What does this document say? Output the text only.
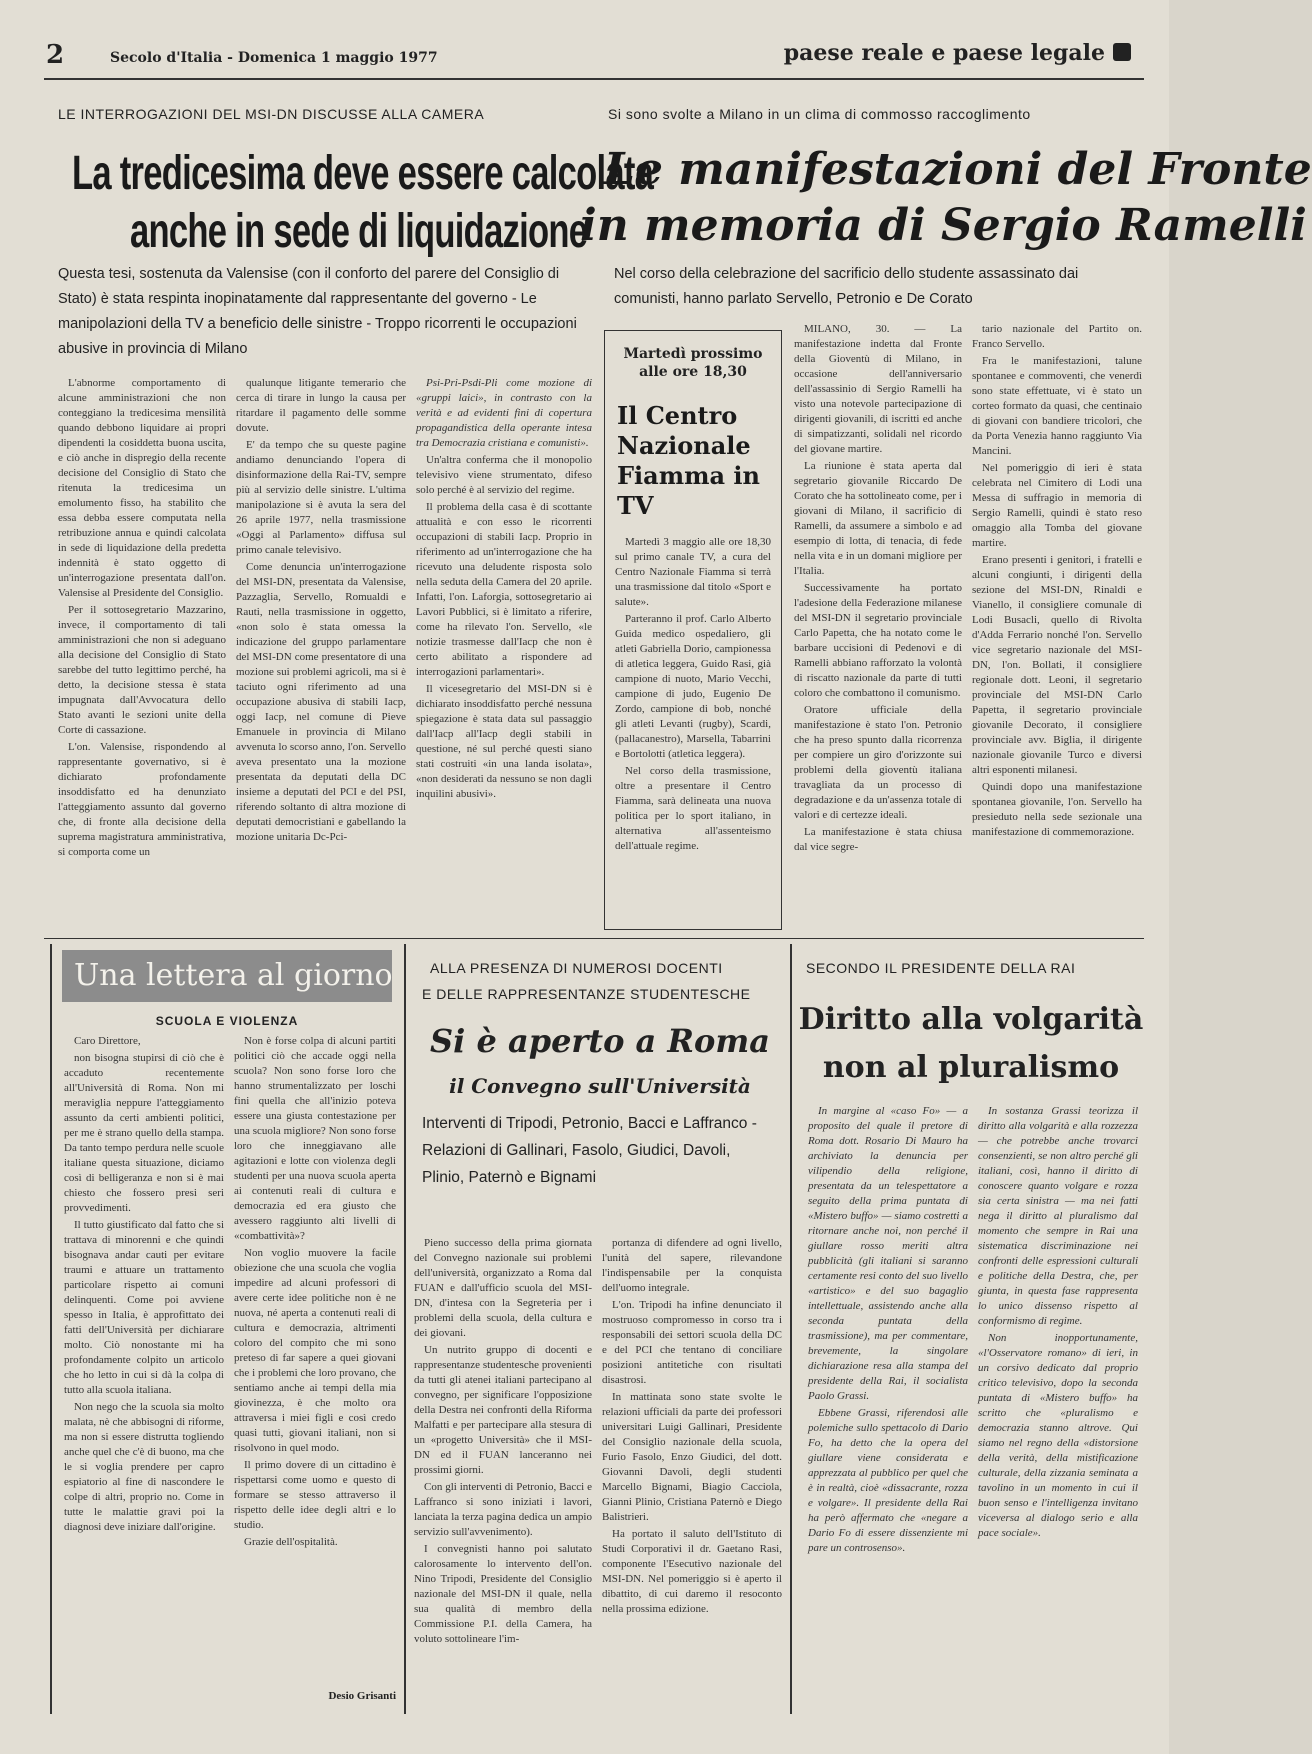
2	Secolo d'Italia - Domenica 1 maggio 1977	paese reale e paese legale
LE INTERROGAZIONI DEL MSI-DN DISCUSSE ALLA CAMERA
La tredicesima deve essere calcolata
anche in sede di liquidazione
Questa tesi, sostenuta da Valensise (con il conforto del parere del Consiglio di Stato) è stata respinta inopinatamente dal rappresentante del governo - Le manipolazioni della TV a beneficio delle sinistre - Troppo ricorrenti le occupazioni abusive in provincia di Milano

L'abnorme comportamento di alcune amministrazioni che non conteggiano la tredicesima mensilità quando debbono liquidare ai propri dipendenti la cosiddetta buona uscita, e ciò anche in dispregio della recente decisione del Consiglio di Stato che ritenuta la tredicesima un emolumento fisso, ha stabilito che essa debba essere computata nella retribuzione annua e quindi calcolata in sede di liquidazione della predetta indennità è stato oggetto di un'interrogazione presentata dall'on. Valensise al Presidente del Consiglio.

Per il sottosegretario Mazzarino, invece, il comportamento di tali amministrazioni che non si adeguano alla decisione del Consiglio di Stato sarebbe del tutto legittimo perché, ha detto, la decisione stessa è stata impugnata dall'Avvocatura dello Stato avanti le sezioni unite della Corte di cassazione.

L'on. Valensise, rispondendo al rappresentante governativo, si è dichiarato profondamente insoddisfatto ed ha denunziato l'atteggiamento assunto dal governo che, di fronte alla decisione della suprema magistratura amministrativa, si comporta come un

qualunque litigante temerario che cerca di tirare in lungo la causa per ritardare il pagamento delle somme dovute.

E' da tempo che su queste pagine andiamo denunciando l'opera di disinformazione della Rai-TV, sempre più al servizio delle sinistre. L'ultima manipolazione si è avuta la sera del 26 aprile 1977, nella trasmissione «Oggi al Parlamento» diffusa sul primo canale televisivo.

Come denuncia un'interrogazione del MSI-DN, presentata da Valensise, Pazzaglia, Servello, Romualdi e Rauti, nella trasmissione in oggetto, «non solo è stata omessa la indicazione del gruppo parlamentare del MSI-DN come presentatore di una mozione sui problemi agricoli, ma si è taciuto ogni riferimento ad una occupazione abusiva di stabili Iacp, oggi Iacp, nel comune di Pieve Emanuele in provincia di Milano avvenuta lo scorso anno, l'on. Servello aveva presentato una la mozione presentata da deputati della DC insieme a deputati del PCI e del PSI, riferendo soltanto di altra mozione di deputati democristiani e gabellando la mozione unitaria Dc-Pci-

Psi-Pri-Psdi-Pli come mozione di «gruppi laici», in contrasto con la verità e ad evidenti fini di copertura propagandistica della operante intesa tra Democrazia cristiana e comunisti».

Un'altra conferma che il monopolio televisivo viene strumentato, difeso solo perché è al servizio del regime.

Il problema della casa è di scottante attualità e con esso le ricorrenti occupazioni di stabili Iacp. Proprio in riferimento ad un'interrogazione che ha ricevuto una deludente risposta solo nella seduta della Camera del 20 aprile. Infatti, l'on. Laforgia, sottosegretario ai Lavori Pubblici, si è limitato a riferire, come ha rilevato l'on. Servello, «le notizie trasmesse dall'Iacp che non è certo abilitato a rispondere ad interrogazioni parlamentari».

Il vicesegretario del MSI-DN si è dichiarato insoddisfatto perché nessuna spiegazione è stata data sul passaggio dall'Iacp all'Iacp degli stabili in questione, né sul perché questi siano stati costruiti «in una landa isolata», «non desiderati da nessuno se non dagli inquilini abusivi».

Martedì prossimo alle ore 18,30
Il Centro Nazionale Fiamma in TV

Martedì 3 maggio alle ore 18,30 sul primo canale TV, a cura del Centro Nazionale Fiamma si terrà una trasmissione dal titolo «Sport e salute».

Parteranno il prof. Carlo Alberto Guida medico ospedaliero, gli atleti Gabriella Dorio, campionessa di atletica leggera, Guido Rasi, già campione di nuoto, Mario Vecchi, campione di judo, Eugenio De Zordo, campione di bob, nonché gli atleti Levanti (rugby), Scardi, (pallacanestro), Marsella, Tabarrini e Bortolotti (atletica leggera).

Nel corso della trasmissione, oltre a presentare il Centro Fiamma, sarà delineata una nuova politica per lo sport italiano, in alternativa all'assenteismo dell'attuale regime.

Si sono svolte a Milano in un clima di commosso raccoglimento
Le manifestazioni del Fronte
in memoria di Sergio Ramelli
Nel corso della celebrazione del sacrificio dello studente assassinato dai comunisti, hanno parlato Servello, Petronio e De Corato

MILANO, 30. — La manifestazione indetta dal Fronte della Gioventù di Milano, in occasione dell'anniversario dell'assassinio di Sergio Ramelli ha visto una notevole partecipazione di dirigenti giovanili, di iscritti ed anche di simpatizzanti, solidali nel ricordo del giovane martire.

La riunione è stata aperta dal segretario giovanile Riccardo De Corato che ha sottolineato come, per i giovani di Milano, il sacrificio di Ramelli, da assumere a simbolo e ad esempio di lotta, di tenacia, di fede nella vita e in un domani migliore per l'Italia.

Successivamente ha portato l'adesione della Federazione milanese del MSI-DN il segretario provinciale Carlo Papetta, che ha notato come le barbare uccisioni di Pedenovi e di Ramelli abbiano rafforzato la volontà di riscatto nazionale da parte di tutti coloro che combattono il comunismo.

Oratore ufficiale della manifestazione è stato l'on. Petronio che ha preso spunto dalla ricorrenza per compiere un giro d'orizzonte sui problemi della gioventù italiana travagliata da un processo di degradazione e da un'assenza totale di valori e di certezze ideali.

La manifestazione è stata chiusa dal vice segre-

tario nazionale del Partito on. Franco Servello.

Fra le manifestazioni, talune spontanee e commoventi, che venerdì sono state effettuate, vi è stato un corteo formato da quasi, che centinaio di giovani con bandiere tricolori, che da Porta Venezia hanno raggiunto Via Mancini.

Nel pomeriggio di ieri è stata celebrata nel Cimitero di Lodi una Messa di suffragio in memoria di Sergio Ramelli, quindi è stato reso omaggio alla Tomba del giovane martire.

Erano presenti i genitori, i fratelli e alcuni congiunti, i dirigenti della sezione del MSI-DN, Rinaldi e Vianello, il consigliere comunale di Lodi Busacli, quello di Rivolta d'Adda Ferrario nonché l'on. Servello vice segretario nazionale del MSI-DN, l'on. Bollati, il consigliere regionale dott. Leoni, il segretario provinciale del MSI-DN Carlo Papetta, il segretario provinciale giovanile Decorato, il consigliere provinciale avv. Biglia, il dirigente nazionale giovanile Turco e diversi altri esponenti milanesi.

Quindi dopo una manifestazione spontanea giovanile, l'on. Servello ha presieduto nella sede sezionale una manifestazione di commemorazione.

Una lettera al giorno
SCUOLA E VIOLENZA

Caro Direttore,

non bisogna stupirsi di ciò che è accaduto recentemente all'Università di Roma. Non mi meraviglia neppure l'atteggiamento assunto da certi ambienti politici, per me è strano quello della stampa. Da tanto tempo perdura nelle scuole italiane questa situazione, diciamo così di belligeranza e non si è mai chiesto che fossero presi seri provvedimenti.

Il tutto giustificato dal fatto che si trattava di minorenni e che quindi bisognava andar cauti per evitare traumi e attuare un trattamento particolare rispetto ai comuni delinquenti. Come poi avviene spesso in Italia, è approfittato dei fatti dell'Università per dichiarare molto. Ciò nonostante mi ha profondamente colpito un articolo che ho letto in cui si dà la colpa di tutto alla scuola italiana.

Non nego che la scuola sia molto malata, nè che abbisogni di riforme, ma non si essere distrutta togliendo anche quel che c'è di buono, ma che le si voglia prendere per capro espiatorio al fine di nascondere le colpe di altri, proprio no. Come in tutte le malattie gravi poi la diagnosi deve iniziare dall'origine.

Non è forse colpa di alcuni partiti politici ciò che accade oggi nella scuola? Non sono forse loro che hanno strumentalizzato per loschi fini quella che all'inizio poteva essere una giusta contestazione per una scuola migliore? Non sono forse loro che inneggiavano alle agitazioni e lotte con violenza degli studenti per una nuova scuola aperta ai contenuti reali di cultura e democrazia ed era giusto che avessero raggiunto alti livelli di «combattività»?

Non voglio muovere la facile obiezione che una scuola che voglia impedire ad alcuni professori di avere certe idee politiche non è ne nuova, né aperta a contenuti reali di cultura e democrazia, altrimenti coloro del compito che mi sono preteso di far sapere a quei giovani che i problemi che loro provano, che sentiamo anche ai tempi della mia giovinezza, è che molto ora attraversa i miei figli e così credo quasi tutti, giovani italiani, non si risolvono in quel modo.

Il primo dovere di un cittadino è rispettarsi come uomo e questo di formare se stesso attraverso il rispetto delle idee degli altri e lo studio.

Grazie dell'ospitalità.

Desio Grisanti
ALLA PRESENZA DI NUMEROSI DOCENTI
E DELLE RAPPRESENTANZE STUDENTESCHE
Si è aperto a Roma
il Convegno sull'Università
Interventi di Tripodi, Petronio, Bacci e Laffranco - Relazioni di Gallinari, Fasolo, Giudici, Davoli, Plinio, Paternò e Bignami

Pieno successo della prima giornata del Convegno nazionale sui problemi dell'università, organizzato a Roma dal FUAN e dall'ufficio scuola del MSI-DN, d'intesa con la Segreteria per i problemi della scuola, della cultura e dei giovani.

Un nutrito gruppo di docenti e rappresentanze studentesche provenienti da tutti gli atenei italiani partecipano al convegno, per significare l'opposizione della Destra nei confronti della Riforma Malfatti e per partecipare alla stesura di un «progetto Università» che il MSI-DN ed il FUAN lanceranno nei prossimi giorni.

Con gli interventi di Petronio, Bacci e Laffranco si sono iniziati i lavori, lanciata la terza pagina dedica un ampio servizio sull'avvenimento).

I convegnisti hanno poi salutato calorosamente lo intervento dell'on. Nino Tripodi, Presidente del Consiglio nazionale del MSI-DN il quale, nella sua qualità di membro della Commissione P.I. della Camera, ha voluto sottolineare l'im-

portanza di difendere ad ogni livello, l'unità del sapere, rilevandone l'indispensabile per la conquista dell'uomo integrale.

L'on. Tripodi ha infine denunciato il mostruoso compromesso in corso tra i responsabili dei settori scuola della DC e del PCI che tentano di conciliare posizioni antitetiche con risultati disastrosi.

In mattinata sono state svolte le relazioni ufficiali da parte dei professori universitari Luigi Gallinari, Presidente del Consiglio nazionale della scuola, Furio Fasolo, Enzo Giudici, del dott. Giovanni Davoli, degli studenti Marcello Bignami, Biagio Cacciola, Gianni Plinio, Cristiana Paternò e Diego Balistrieri.

Ha portato il saluto dell'Istituto di Studi Corporativi il dr. Gaetano Rasi, componente l'Esecutivo nazionale del MSI-DN. Nel pomeriggio si è aperto il dibattito, di cui daremo il resoconto nella prossima edizione.

SECONDO IL PRESIDENTE DELLA RAI
Diritto alla volgarità
non al pluralismo

In margine al «caso Fo» — a proposito del quale il pretore di Roma dott. Rosario Di Mauro ha archiviato la denuncia per vilipendio della religione, presentata da un telespettatore a seguito della prima puntata di «Mistero buffo» — siamo costretti a ritornare anche noi, non perché il giullare rosso meriti altra pubblicità (gli italiani si saranno certamente resi conto del suo livello «artistico» e del suo bagaglio intellettuale, assistendo anche alla seconda puntata della trasmissione), ma per commentare, brevemente, la singolare dichiarazione resa alla stampa del presidente della Rai, il socialista Paolo Grassi.

Ebbene Grassi, riferendosi alle polemiche sullo spettacolo di Dario Fo, ha detto che la opera del giullare viene considerata e apprezzata al pubblico per quel che è in realtà, cioè «dissacrante, rozza e volgare». Il presidente della Rai ha però affermato che «negare a Dario Fo di essere dissenziente mi pare un controsenso».

In sostanza Grassi teorizza il diritto alla volgarità e alla rozzezza — che potrebbe anche trovarci consenzienti, se non altro perché gli italiani, così, hanno il diritto di conoscere quanto volgare e rozza sia certa sinistra — ma nei fatti nega il diritto al pluralismo dal momento che sempre in Rai una sistematica discriminazione nei confronti delle espressioni culturali e politiche della Destra, che, per giunta, in questa fase rappresenta lo unico dissenso rispetto al conformismo di regime.

Non inopportunamente, «l'Osservatore romano» di ieri, in un corsivo dedicato dal proprio critico televisivo, dopo la seconda puntata di «Mistero buffo» ha scritto che «pluralismo e democrazia stanno altrove. Qui siamo nel regno della «distorsione della verità, della mistificazione culturale, della zizzania seminata a tavolino in un momento in cui il buon senso e l'intelligenza invitano viceversa al dialogo serio e alla pace sociale».
